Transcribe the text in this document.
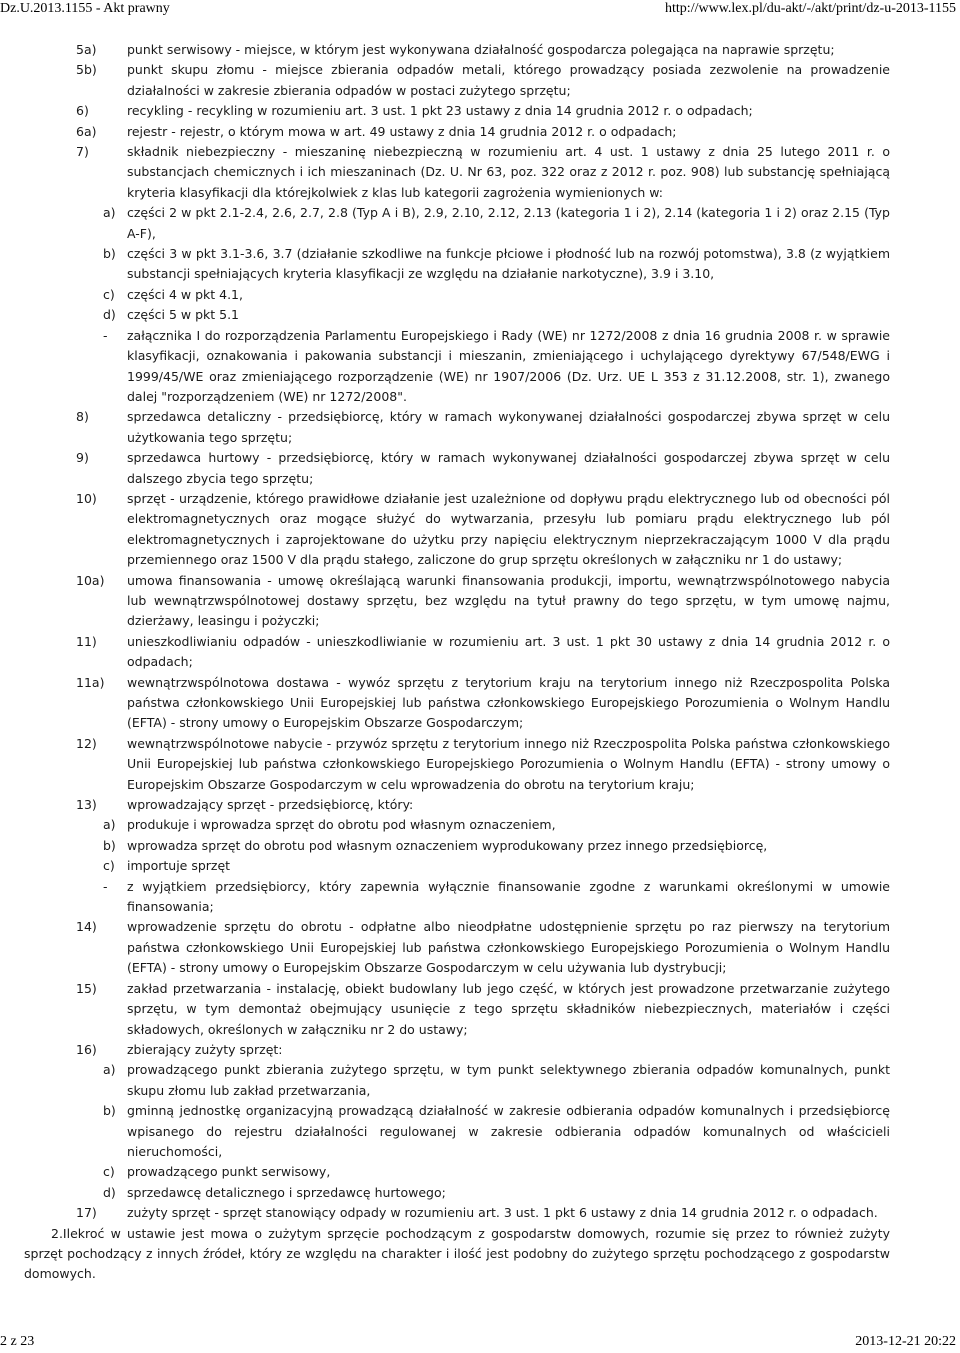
Dz.U.2013.1155 - Akt prawny	http://www.lex.pl/du-akt/-/akt/print/dz-u-2013-1155
5a)	punkt serwisowy - miejsce, w którym jest wykonywana działalność gospodarcza polegająca na naprawie sprzętu;
5b)	punkt skupu złomu - miejsce zbierania odpadów metali, którego prowadzący posiada zezwolenie na prowadzenie działalności w zakresie zbierania odpadów w postaci zużytego sprzętu;
6)	recykling - recykling w rozumieniu art. 3 ust. 1 pkt 23 ustawy z dnia 14 grudnia 2012 r. o odpadach;
6a)	rejestr - rejestr, o którym mowa w art. 49 ustawy z dnia 14 grudnia 2012 r. o odpadach;
7)	składnik niebezpieczny - mieszaninę niebezpieczną w rozumieniu art. 4 ust. 1 ustawy z dnia 25 lutego 2011 r. o substancjach chemicznych i ich mieszaninach (Dz. U. Nr 63, poz. 322 oraz z 2012 r. poz. 908) lub substancję spełniającą kryteria klasyfikacji dla którejkolwiek z klas lub kategorii zagrożenia wymienionych w:
a) części 2 w pkt 2.1-2.4, 2.6, 2.7, 2.8 (Typ A i B), 2.9, 2.10, 2.12, 2.13 (kategoria 1 i 2), 2.14 (kategoria 1 i 2) oraz 2.15 (Typ A-F),
b) części 3 w pkt 3.1-3.6, 3.7 (działanie szkodliwe na funkcje płciowe i płodność lub na rozwój potomstwa), 3.8 (z wyjątkiem substancji spełniających kryteria klasyfikacji ze względu na działanie narkotyczne), 3.9 i 3.10,
c) części 4 w pkt 4.1,
d) części 5 w pkt 5.1
-	załącznika I do rozporządzenia Parlamentu Europejskiego i Rady (WE) nr 1272/2008 z dnia 16 grudnia 2008 r. w sprawie klasyfikacji, oznakowania i pakowania substancji i mieszanin, zmieniającego i uchylającego dyrektywy 67/548/EWG i 1999/45/WE oraz zmieniającego rozporządzenie (WE) nr 1907/2006 (Dz. Urz. UE L 353 z 31.12.2008, str. 1), zwanego dalej "rozporządzeniem (WE) nr 1272/2008".
8)	sprzedawca detaliczny - przedsiębiorcę, który w ramach wykonywanej działalności gospodarczej zbywa sprzęt w celu użytkowania tego sprzętu;
9)	sprzedawca hurtowy - przedsiębiorcę, który w ramach wykonywanej działalności gospodarczej zbywa sprzęt w celu dalszego zbycia tego sprzętu;
10)	sprzęt - urządzenie, którego prawidłowe działanie jest uzależnione od dopływu prądu elektrycznego lub od obecności pól elektromagnetycznych oraz mogące służyć do wytwarzania, przesyłu lub pomiaru prądu elektrycznego lub pól elektromagnetycznych i zaprojektowane do użytku przy napięciu elektrycznym nieprzekraczającym 1000 V dla prądu przemiennego oraz 1500 V dla prądu stałego, zaliczone do grup sprzętu określonych w załączniku nr 1 do ustawy;
10a)	umowa finansowania - umowę określającą warunki finansowania produkcji, importu, wewnątrzwspólnotowego nabycia lub wewnątrzwspólnotowej dostawy sprzętu, bez względu na tytuł prawny do tego sprzętu, w tym umowę najmu, dzierżawy, leasingu i pożyczki;
11)	unieszkodliwianiu odpadów - unieszkodliwianie w rozumieniu art. 3 ust. 1 pkt 30 ustawy z dnia 14 grudnia 2012 r. o odpadach;
11a)	wewnątrzwspólnotowa dostawa - wywóz sprzętu z terytorium kraju na terytorium innego niż Rzeczpospolita Polska państwa członkowskiego Unii Europejskiej lub państwa członkowskiego Europejskiego Porozumienia o Wolnym Handlu (EFTA) - strony umowy o Europejskim Obszarze Gospodarczym;
12)	wewnątrzwspólnotowe nabycie - przywóz sprzętu z terytorium innego niż Rzeczpospolita Polska państwa członkowskiego Unii Europejskiej lub państwa członkowskiego Europejskiego Porozumienia o Wolnym Handlu (EFTA) - strony umowy o Europejskim Obszarze Gospodarczym w celu wprowadzenia do obrotu na terytorium kraju;
13)	wprowadzający sprzęt - przedsiębiorcę, który:
a) produkuje i wprowadza sprzęt do obrotu pod własnym oznaczeniem,
b) wprowadza sprzęt do obrotu pod własnym oznaczeniem wyprodukowany przez innego przedsiębiorcę,
c) importuje sprzęt
-	z wyjątkiem przedsiębiorcy, który zapewnia wyłącznie finansowanie zgodne z warunkami określonymi w umowie finansowania;
14)	wprowadzenie sprzętu do obrotu - odpłatne albo nieodpłatne udostępnienie sprzętu po raz pierwszy na terytorium państwa członkowskiego Unii Europejskiej lub państwa członkowskiego Europejskiego Porozumienia o Wolnym Handlu (EFTA) - strony umowy o Europejskim Obszarze Gospodarczym w celu używania lub dystrybucji;
15)	zakład przetwarzania - instalację, obiekt budowlany lub jego część, w których jest prowadzone przetwarzanie zużytego sprzętu, w tym demontaż obejmujący usunięcie z tego sprzętu składników niebezpiecznych, materiałów i części składowych, określonych w załączniku nr 2 do ustawy;
16)	zbierający zużyty sprzęt:
a) prowadzącego punkt zbierania zużytego sprzętu, w tym punkt selektywnego zbierania odpadów komunalnych, punkt skupu złomu lub zakład przetwarzania,
b) gminną jednostkę organizacyjną prowadzącą działalność w zakresie odbierania odpadów komunalnych i przedsiębiorcę wpisanego do rejestru działalności regulowanej w zakresie odbierania odpadów komunalnych od właścicieli nieruchomości,
c) prowadzącego punkt serwisowy,
d) sprzedawcę detalicznego i sprzedawcę hurtowego;
17)	zużyty sprzęt - sprzęt stanowiący odpady w rozumieniu art. 3 ust. 1 pkt 6 ustawy z dnia 14 grudnia 2012 r. o odpadach.
2.Ilekroć w ustawie jest mowa o zużytym sprzęcie pochodzącym z gospodarstw domowych, rozumie się przez to również zużyty sprzęt pochodzący z innych źródeł, który ze względu na charakter i ilość jest podobny do zużytego sprzętu pochodzącego z gospodarstw domowych.
2 z 23	2013-12-21 20:22
